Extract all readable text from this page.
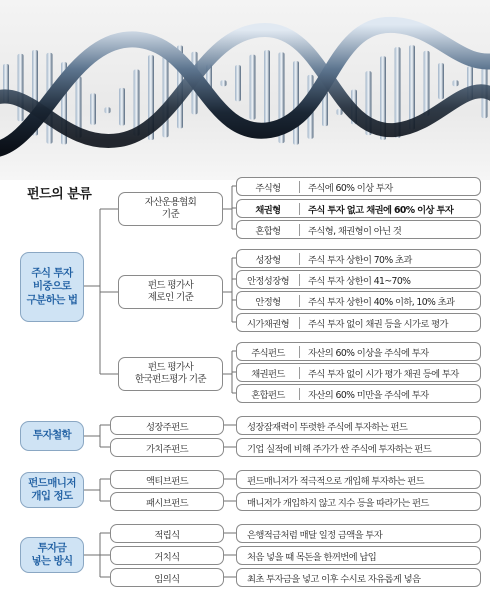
펀드의 분류
주식 투자
비중으로
구분하는 법
자산운용협회
기준
펀드 평가사
제로인 기준
펀드 평가사
한국펀드평가 기준
주식형	주식에 60% 이상 투자
채권형	주식 투자 없고 채권에 60% 이상 투자
혼합형	주식형, 채권형이 아닌 것
성장형	주식 투자 상한이 70% 초과
안정성장형	주식 투자 상한이 41~70%
안정형	주식 투자 상한이 40% 이하, 10% 초과
시가채권형	주식 투자 없이 채권 등을 시가로 평가
주식펀드	자산의 60% 이상을 주식에 투자
채권펀드	주식 투자 없이 시가 평가 채권 등에 투자
혼합펀드	자산의 60% 미만을 주식에 투자
투자철학
성장주펀드	성장잠재력이 뚜렷한 주식에 투자하는 펀드
가치주펀드	기업 실적에 비해 주가가 싼 주식에 투자하는 펀드
펀드매니저
개입 정도
액티브펀드	펀드매니저가 적극적으로 개입해 투자하는 펀드
패시브펀드	매니저가 개입하지 않고 지수 등을 따라가는 펀드
투자금
넣는 방식
적립식	은행적금처럼 매달 일정 금액을 투자
거치식	처음 넣을 때 목돈을 한꺼번에 납입
임의식	최초 투자금을 넣고 이후 수시로 자유롭게 넣음
